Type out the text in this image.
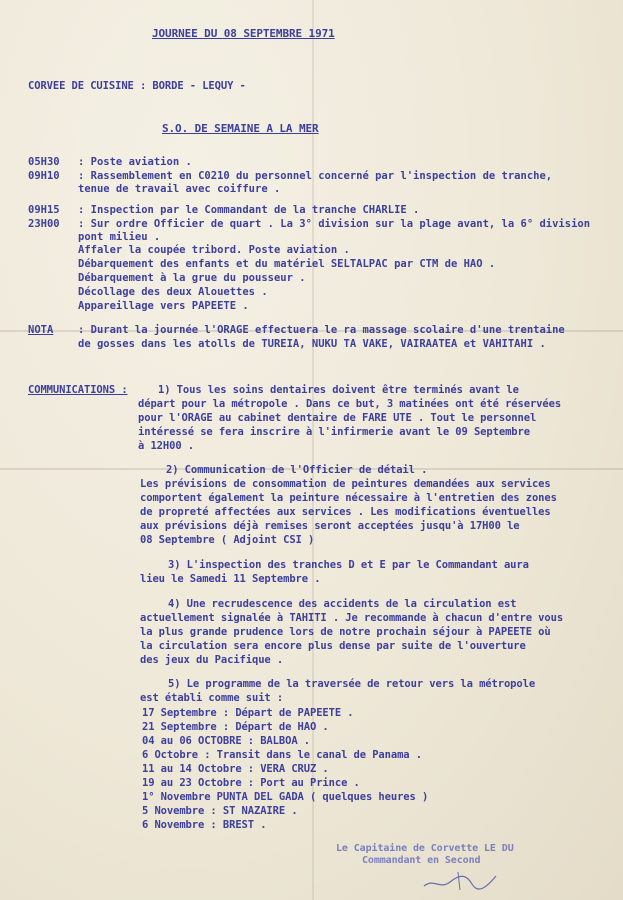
JOURNEE DU 08 SEPTEMBRE 1971
CORVEE DE CUISINE : BORDE - LEQUY -
S.O. DE SEMAINE A LA MER
05H30 : Poste aviation .
09H10 : Rassemblement en C0210 du personnel concerné par l'inspection de tranche,
tenue de travail avec coiffure .
09H15 : Inspection par le Commandant de la tranche CHARLIE .
23H00 : Sur ordre Officier de quart . La 3° division sur la plage avant, la 6° division
pont milieu .
Affaler la coupée tribord. Poste aviation .
Débarquement des enfants et du matériel SELTALPAC par CTM de HAO .
Débarquement à la grue du pousseur .
Décollage des deux Alouettes .
Appareillage vers PAPEETE .
NOTA : Durant la journée l'ORAGE effectuera le ra massage scolaire d'une trentaine
de gosses dans les atolls de TUREIA, NUKU TA VAKE, VAIRAATEA et VAHITAHI .
COMMUNICATIONS :	1) Tous les soins dentaires doivent être terminés avant le
départ pour la métropole . Dans ce but, 3 matinées ont été réservées
pour l'ORAGE au cabinet dentaire de FARE UTE . Tout le personnel
intéressé se fera inscrire à l'infirmerie avant le 09 Septembre
à 12H00 .
2) Communication de l'Officier de détail .
Les prévisions de consommation de peintures demandées aux services
comportent également la peinture nécessaire à l'entretien des zones
de propreté affectées aux services . Les modifications éventuelles
aux prévisions déjà remises seront acceptées jusqu'à 17H00 le
08 Septembre ( Adjoint CSI )
3) L'inspection des tranches D et E par le Commandant aura
lieu le Samedi 11 Septembre .
4) Une recrudescence des accidents de la circulation est
actuellement signalée à TAHITI . Je recommande à chacun d'entre vous
la plus grande prudence lors de notre prochain séjour à PAPEETE où
la circulation sera encore plus dense par suite de l'ouverture
des jeux du Pacifique .
5) Le programme de la traversée de retour vers la métropole
est établi comme suit :
17 Septembre : Départ de PAPEETE .
21 Septembre : Départ de HAO .
04 au 06 OCTOBRE : BALBOA .
6 Octobre : Transit dans le canal de Panama .
11 au 14 Octobre : VERA CRUZ .
19 au 23 Octobre : Port au Prince .
1° Novembre PUNTA DEL GADA ( quelques heures )
5 Novembre : ST NAZAIRE .
6 Novembre : BREST .
Le Capitaine de Corvette LE DU
Commandant en Second
